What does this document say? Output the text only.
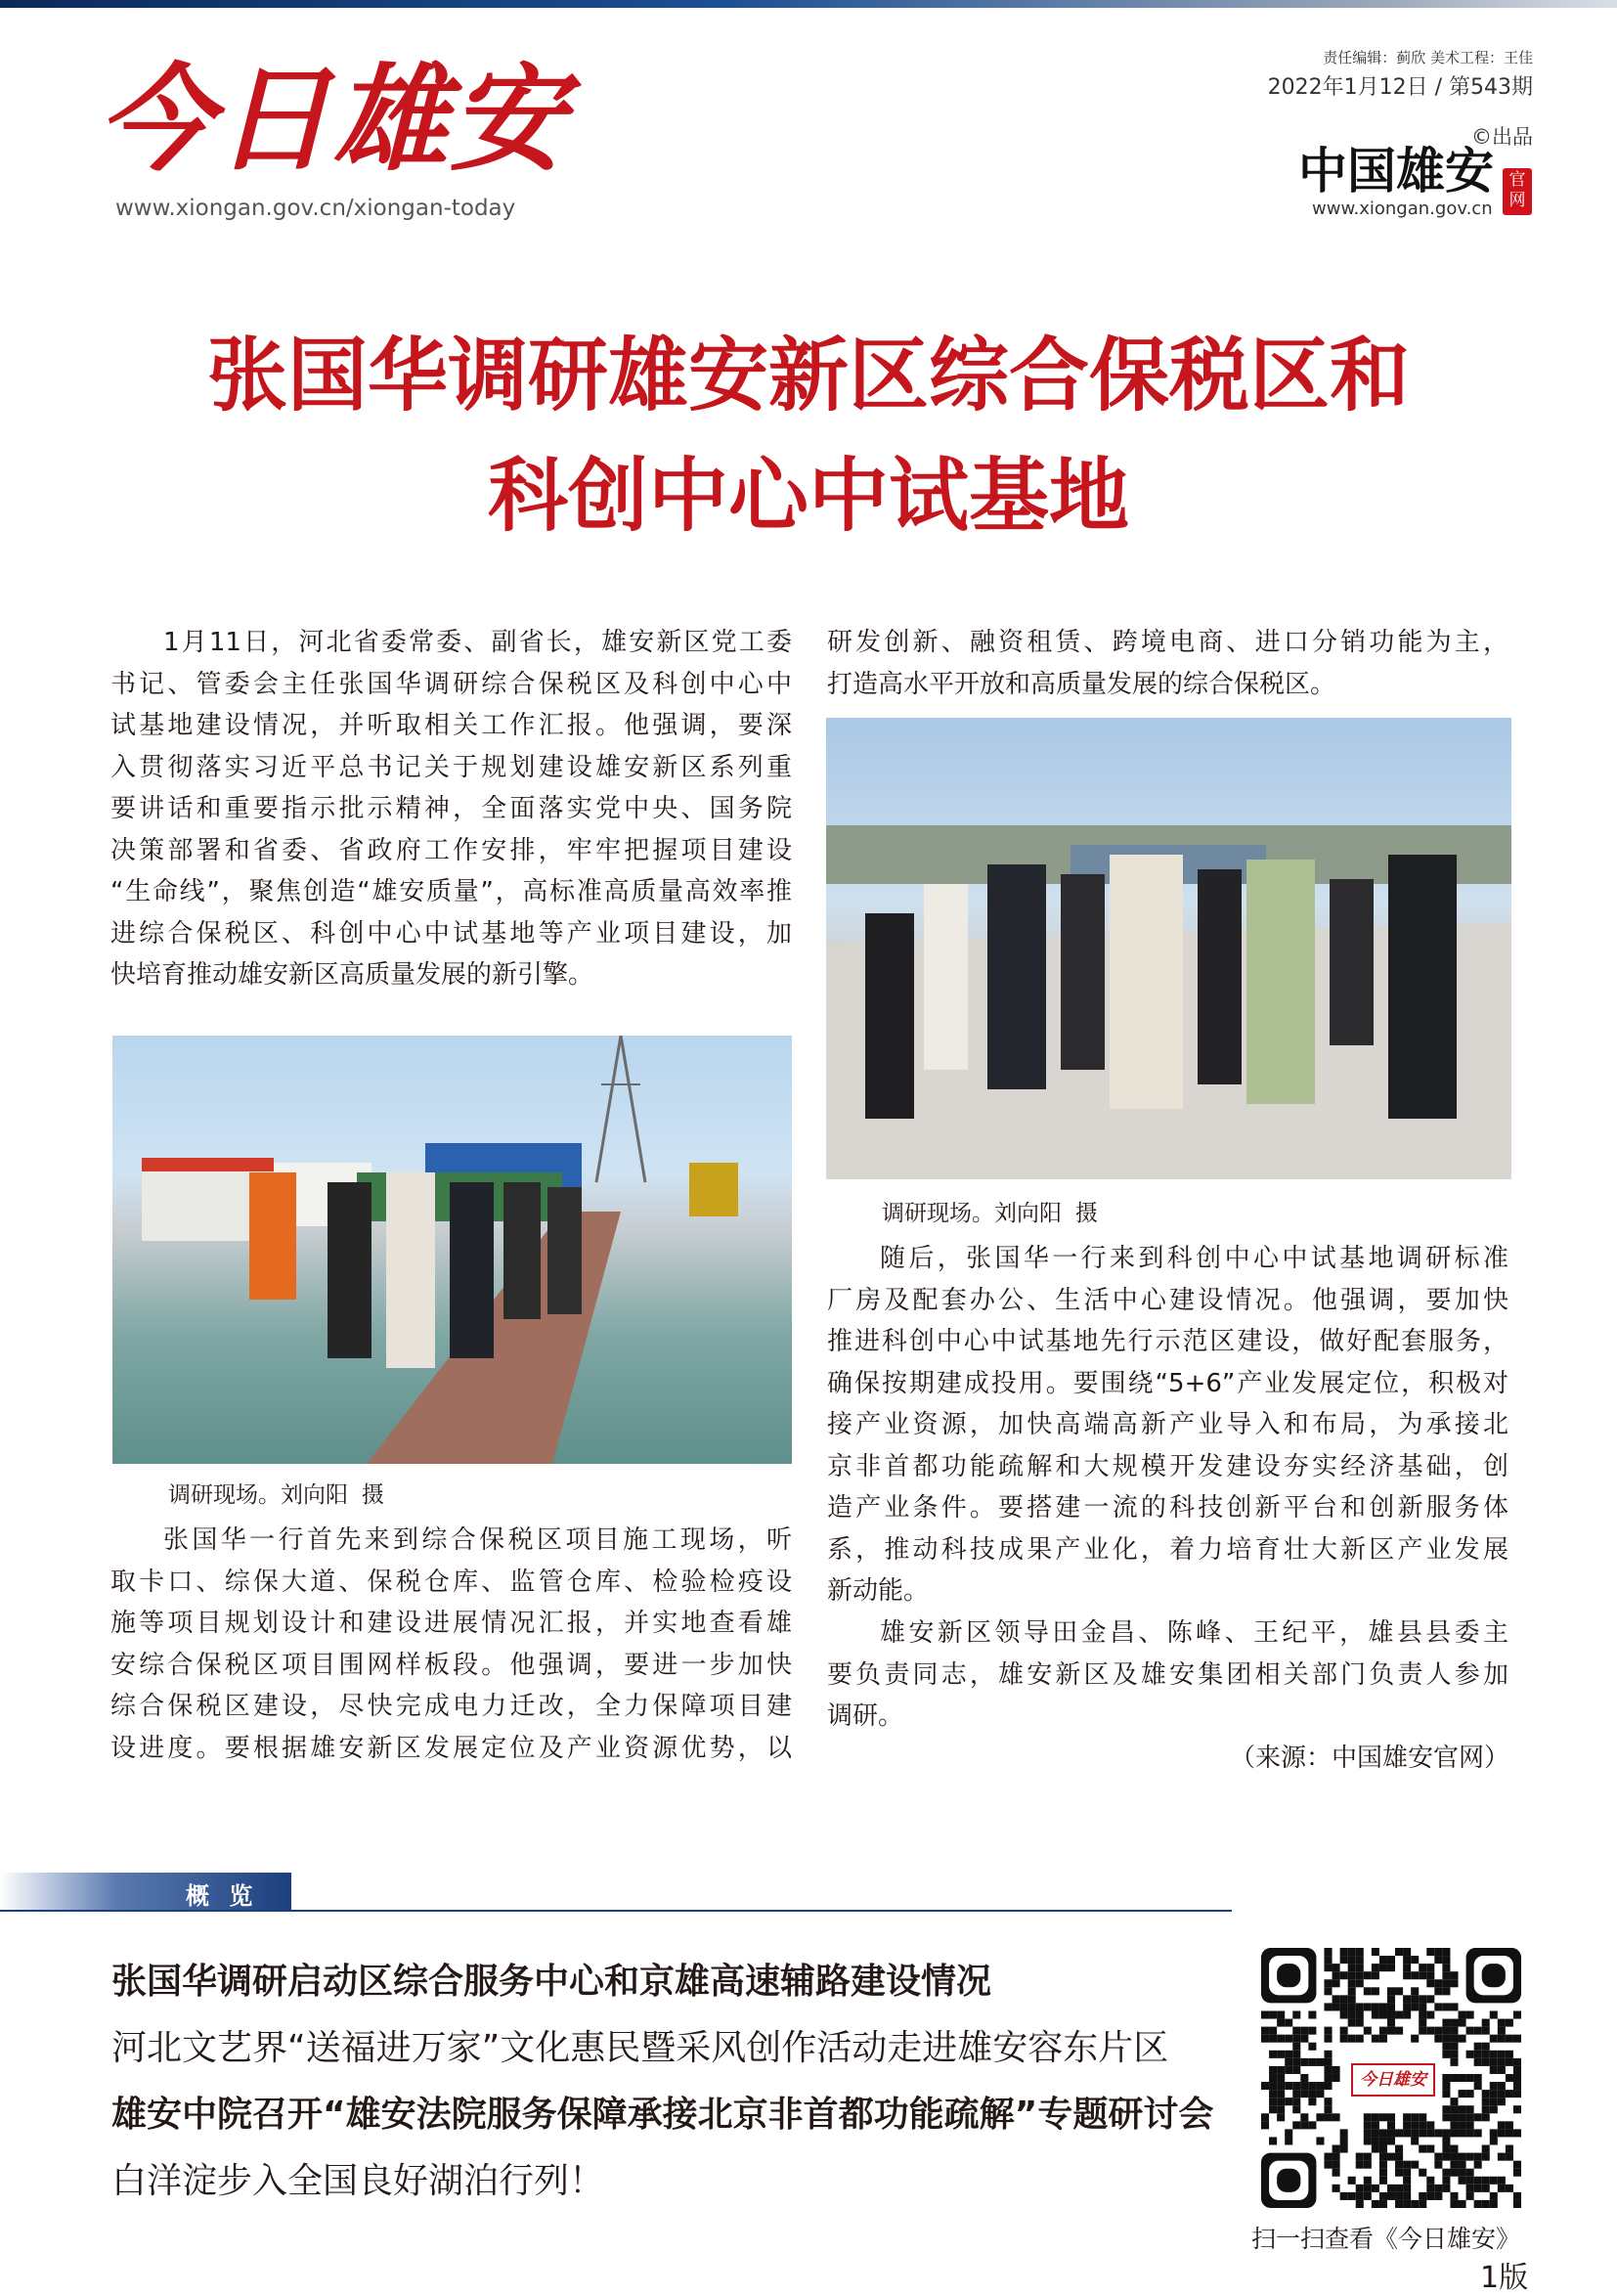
今日雄安
www.xiongan.gov.cn/xiongan-today
责任编辑：蓟欣 美术工程：王佳
2022年1月12日 / 第543期
©出品
中国雄安 官网
www.xiongan.gov.cn
张国华调研雄安新区综合保税区和
科创中心中试基地
1月11日，河北省委常委、副省长，雄安新区党工委
书记、管委会主任张国华调研综合保税区及科创中心中
试基地建设情况，并听取相关工作汇报。他强调，要深
入贯彻落实习近平总书记关于规划建设雄安新区系列重
要讲话和重要指示批示精神，全面落实党中央、国务院
决策部署和省委、省政府工作安排，牢牢把握项目建设
“生命线”，聚焦创造“雄安质量”，高标准高质量高效率推
进综合保税区、科创中心中试基地等产业项目建设，加
快培育推动雄安新区高质量发展的新引擎。
调研现场。刘向阳 摄
张国华一行首先来到综合保税区项目施工现场，听
取卡口、综保大道、保税仓库、监管仓库、检验检疫设
施等项目规划设计和建设进展情况汇报，并实地查看雄
安综合保税区项目围网样板段。他强调，要进一步加快
综合保税区建设，尽快完成电力迁改，全力保障项目建
设进度。要根据雄安新区发展定位及产业资源优势，以
研发创新、融资租赁、跨境电商、进口分销功能为主，
打造高水平开放和高质量发展的综合保税区。
调研现场。刘向阳 摄
随后，张国华一行来到科创中心中试基地调研标准
厂房及配套办公、生活中心建设情况。他强调，要加快
推进科创中心中试基地先行示范区建设，做好配套服务，
确保按期建成投用。要围绕“5+6”产业发展定位，积极对
接产业资源，加快高端高新产业导入和布局，为承接北
京非首都功能疏解和大规模开发建设夯实经济基础，创
造产业条件。要搭建一流的科技创新平台和创新服务体
系，推动科技成果产业化，着力培育壮大新区产业发展
新动能。
雄安新区领导田金昌、陈峰、王纪平，雄县县委主
要负责同志，雄安新区及雄安集团相关部门负责人参加
调研。
（来源：中国雄安官网）
概 览
张国华调研启动区综合服务中心和京雄高速辅路建设情况
河北文艺界“送福进万家”文化惠民暨采风创作活动走进雄安容东片区
雄安中院召开“雄安法院服务保障承接北京非首都功能疏解”专题研讨会
白洋淀步入全国良好湖泊行列！
今日雄安
扫一扫查看《今日雄安》
1版
